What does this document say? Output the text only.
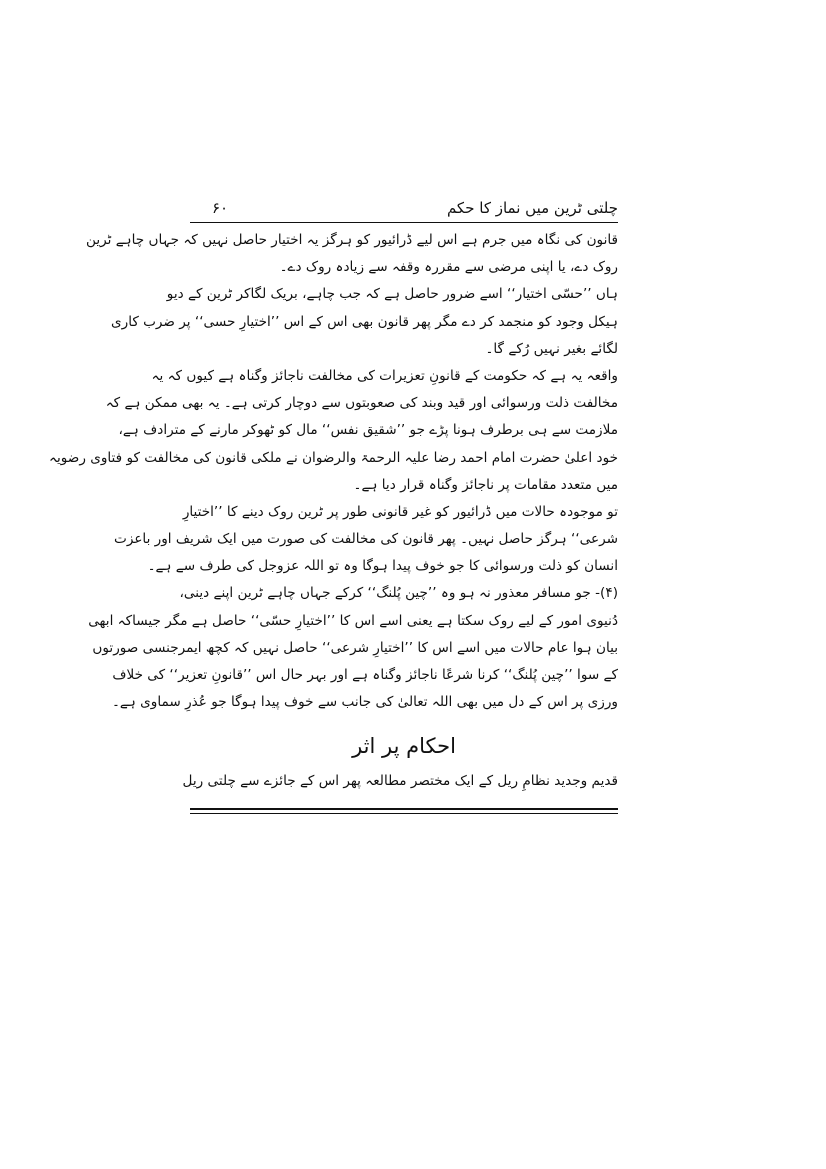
چلتی ٹرین میں نماز کا حکم
۶۰
قانون کی نگاہ میں جرم ہے اس لیے ڈرائیور کو ہرگز یہ اختیار حاصل نہیں کہ جہاں چاہے ٹرین
روک دے، یا اپنی مرضی سے مقررہ وقفہ سے زیادہ روک دے۔
ہاں ’’حسّی اختیار‘‘ اسے ضرور حاصل ہے کہ جب چاہے، بریک لگاکر ٹرین کے دیو
ہیکل وجود کو منجمد کر دے مگر پھر قانون بھی اس کے اس ’’اختیارِ حسی‘‘ پر ضرب کاری
لگائے بغیر نہیں رُکے گا۔
واقعہ یہ ہے کہ حکومت کے قانونِ تعزیرات کی مخالفت ناجائز وگناہ ہے کیوں کہ یہ
مخالفت ذلت ورسوائی اور قید وبند کی صعوبتوں سے دوچار کرتی ہے۔ یہ بھی ممکن ہے کہ
ملازمت سے ہی برطرف ہونا پڑے جو ’’شقیق نفس‘‘ مال کو ٹھوکر مارنے کے مترادف ہے،
خود اعلیٰ حضرت امام احمد رضا علیہ الرحمۃ والرضوان نے ملکی قانون کی مخالفت کو فتاوی رضویہ
میں متعدد مقامات پر ناجائز وگناہ قرار دیا ہے۔
تو موجودہ حالات میں ڈرائیور کو غیر قانونی طور پر ٹرین روک دینے کا ’’اختیارِ
شرعی‘‘ ہرگز حاصل نہیں۔ پھر قانون کی مخالفت کی صورت میں ایک شریف اور باعزت
انسان کو ذلت ورسوائی کا جو خوف پیدا ہوگا وہ تو اللہ عزوجل کی طرف سے ہے۔
(۴)- جو مسافر معذور نہ ہو وہ ’’چین پُلنگ‘‘ کرکے جہاں چاہے ٹرین اپنے دینی،
دُنیوی امور کے لیے روک سکتا ہے یعنی اسے اس کا ’’اختیارِ حسّی‘‘ حاصل ہے مگر جیساکہ ابھی
بیان ہوا عام حالات میں اسے اس کا ’’اختیارِ شرعی‘‘ حاصل نہیں کہ کچھ ایمرجنسی صورتوں
کے سوا ’’چین پُلنگ‘‘ کرنا شرعًا ناجائز وگناہ ہے اور بہر حال اس ’’قانونِ تعزیر‘‘ کی خلاف
ورزی پر اس کے دل میں بھی اللہ تعالیٰ کی جانب سے خوف پیدا ہوگا جو عُذرِ سماوی ہے۔
احکام پر اثر
قدیم وجدید نظامِ ریل کے ایک مختصر مطالعہ پھر اس کے جائزے سے چلتی ریل
